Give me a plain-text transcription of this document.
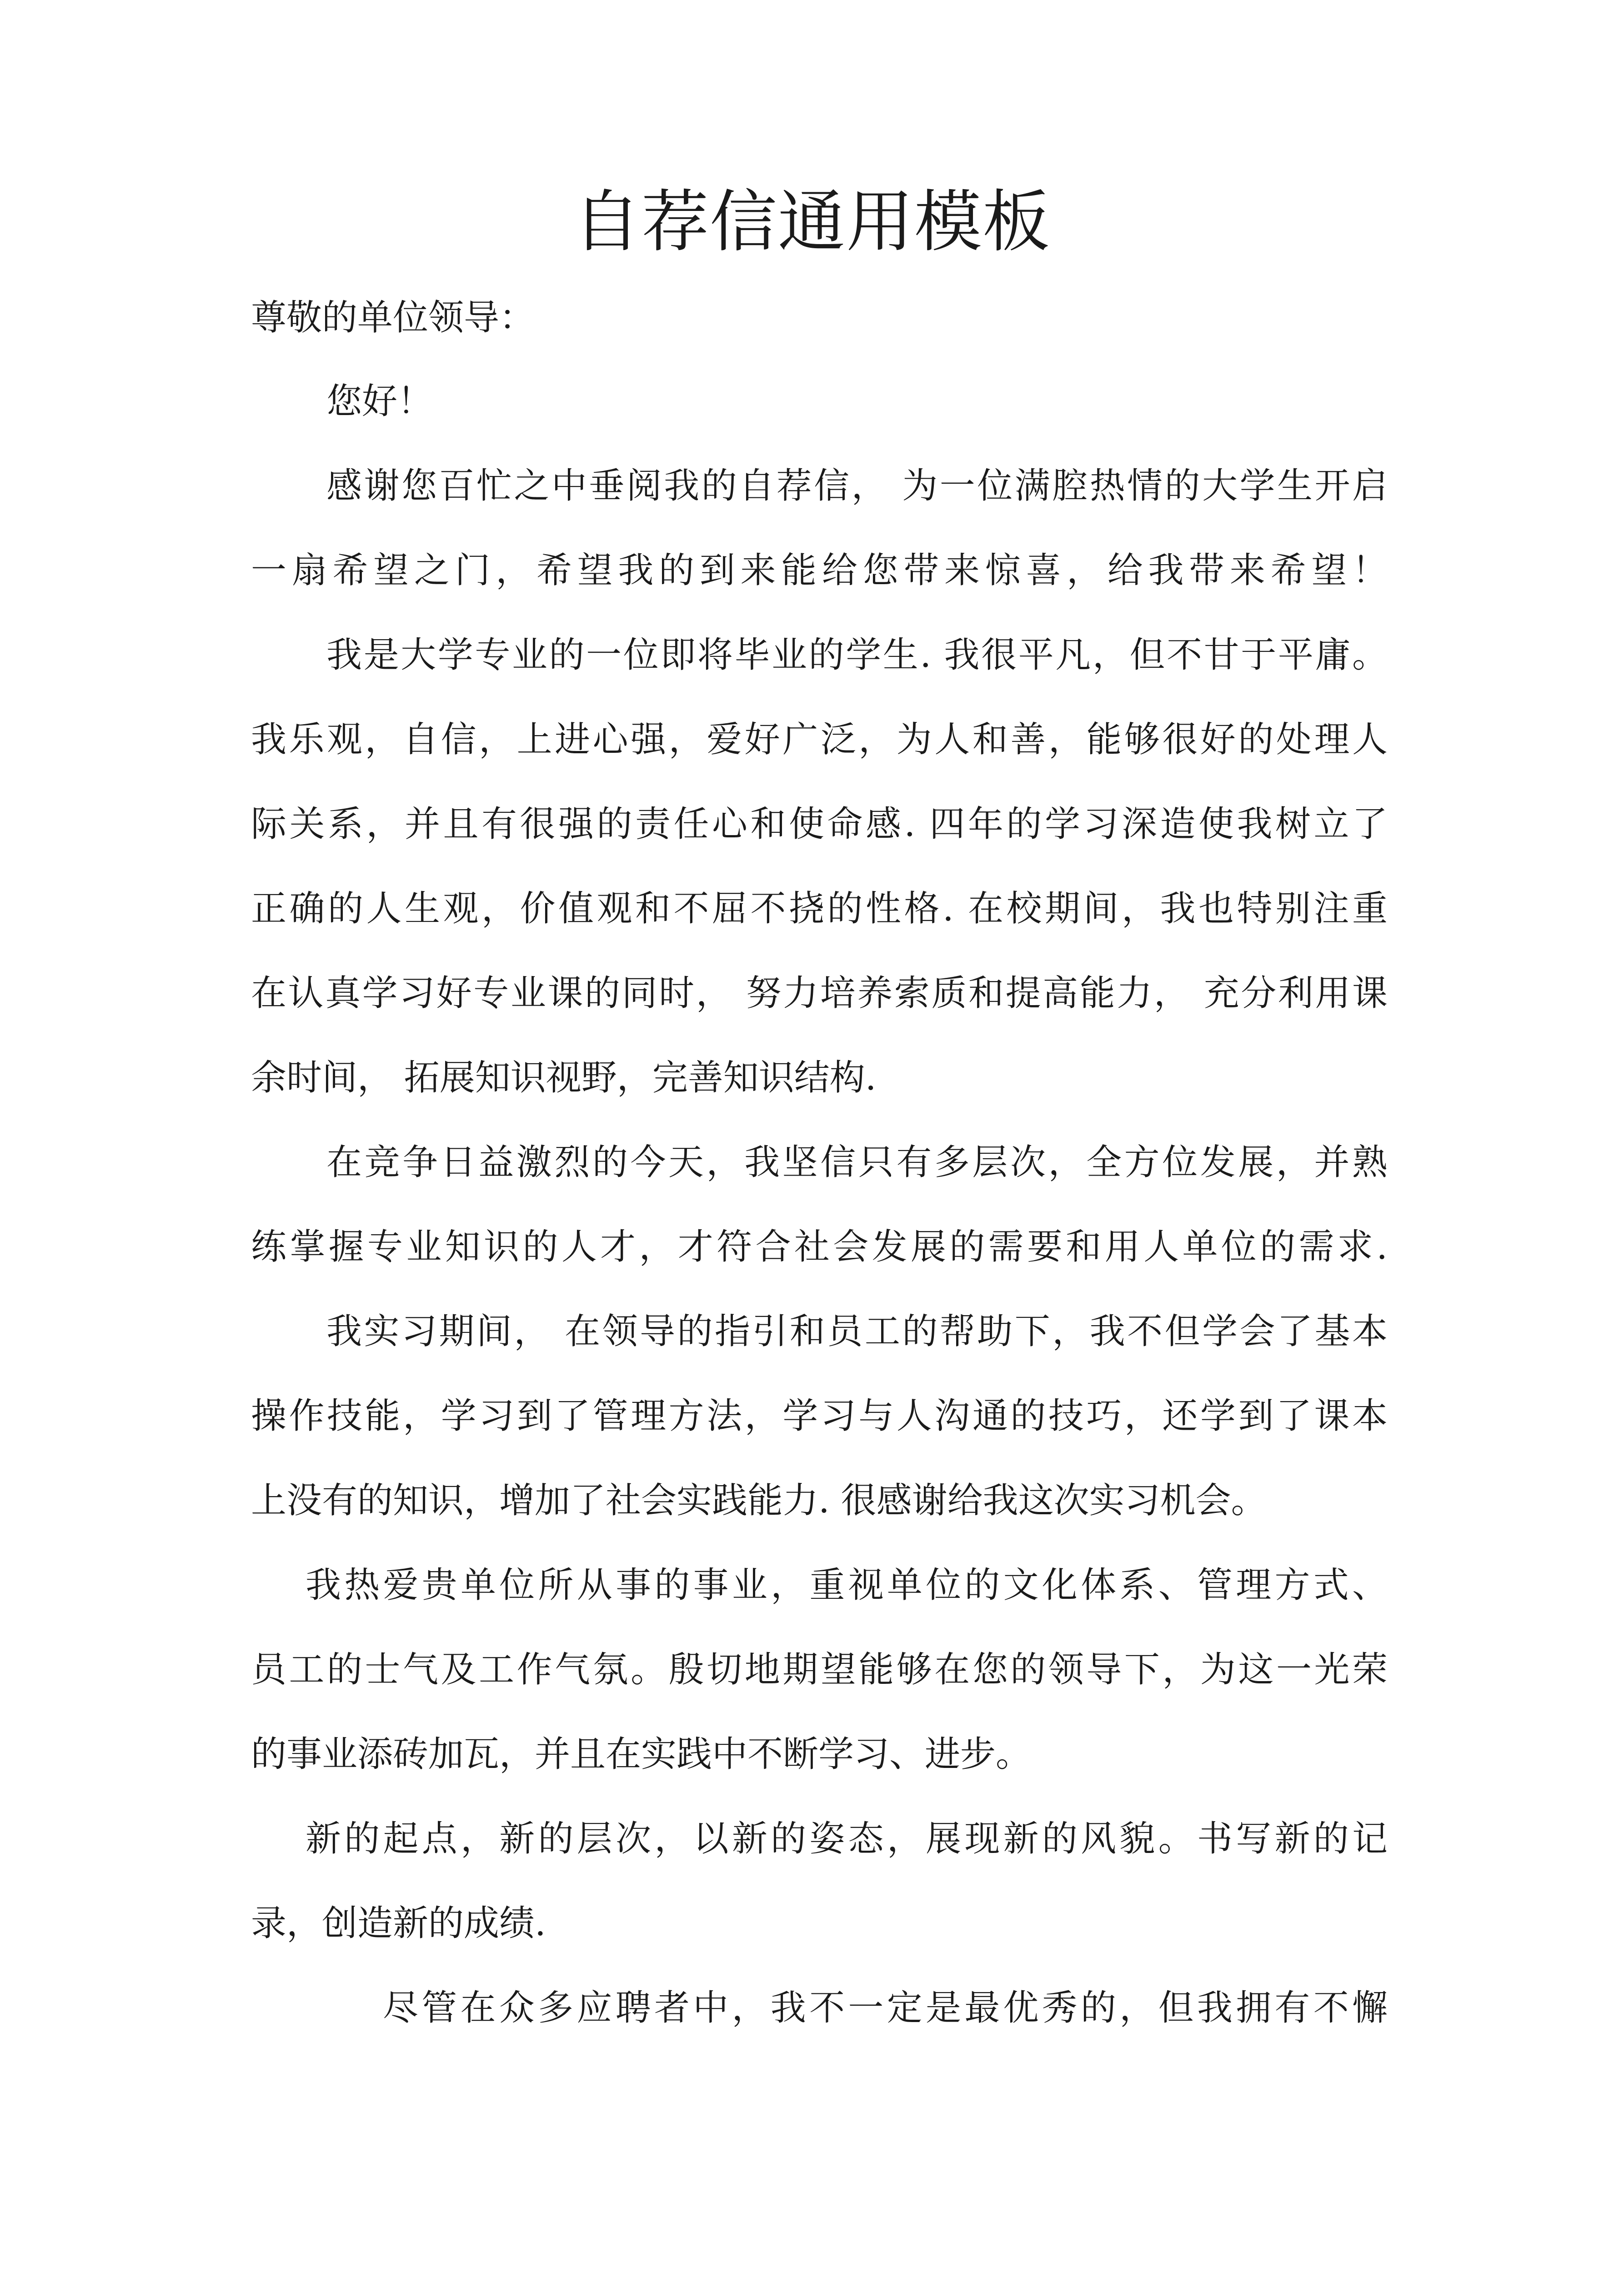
自荐信通用模板

尊敬的单位领导：

您好！

感谢您百忙之中垂阅我的自荐信， 为一位满腔热情的大学生开启

一扇希望之门，希望我的到来能给您带来惊喜，给我带来希望！

我是大学专业的一位即将毕业的学生. 我很平凡，但不甘于平庸。

我乐观，自信，上进心强，爱好广泛，为人和善，能够很好的处理人

际关系，并且有很强的责任心和使命感. 四年的学习深造使我树立了

正确的人生观，价值观和不屈不挠的性格. 在校期间，我也特别注重

在认真学习好专业课的同时， 努力培养索质和提高能力， 充分利用课

余时间， 拓展知识视野，完善知识结构.

在竞争日益激烈的今天，我坚信只有多层次，全方位发展，并熟

练掌握专业知识的人才，才符合社会发展的需要和用人单位的需求.

我实习期间， 在领导的指引和员工的帮助下，我不但学会了基本

操作技能，学习到了管理方法，学习与人沟通的技巧，还学到了课本

上没有的知识，增加了社会实践能力. 很感谢给我这次实习机会。

我热爱贵单位所从事的事业，重视单位的文化体系、管理方式、

员工的士气及工作气氛。殷切地期望能够在您的领导下，为这一光荣

的事业添砖加瓦，并且在实践中不断学习、进步。

新的起点，新的层次，以新的姿态，展现新的风貌。书写新的记

录，创造新的成绩.

尽管在众多应聘者中，我不一定是最优秀的，但我拥有不懈
